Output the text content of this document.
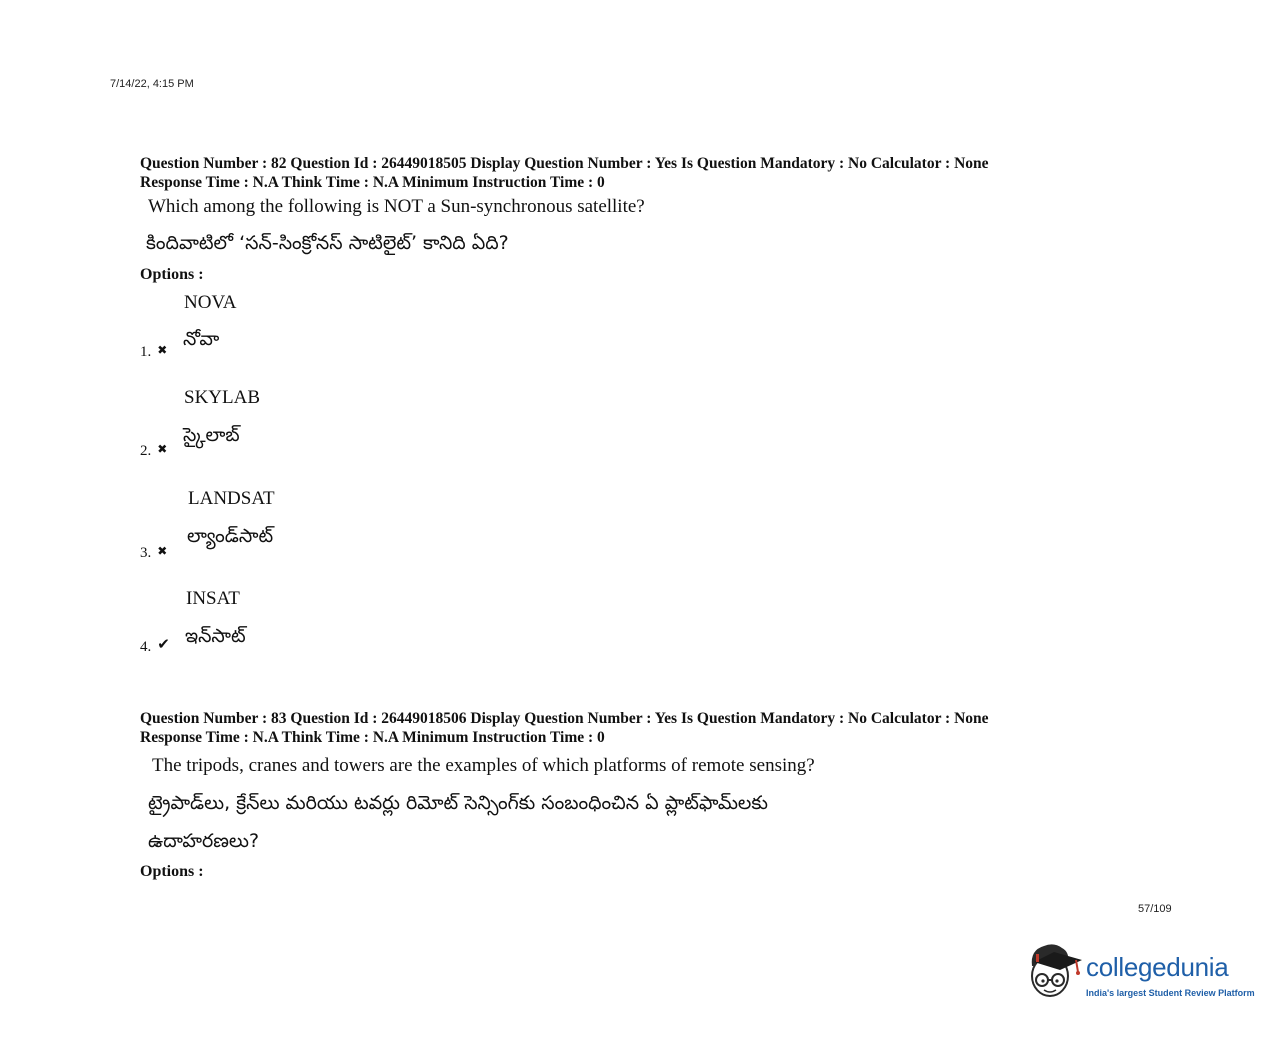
7/14/22, 4:15 PM
Question Number : 82 Question Id : 26449018505 Display Question Number : Yes Is Question Mandatory : No Calculator : None
Response Time : N.A Think Time : N.A Minimum Instruction Time : 0
Which among the following is NOT a Sun-synchronous satellite?
కిందివాటిలో ‘సన్-సింక్రోనస్ సాటిలైట్’ కానిది ఏది?
Options :
NOVA
నోవా
1. ✖
SKYLAB
స్కైలాబ్
2. ✖
LANDSAT
ల్యాండ్‌సాట్
3. ✖
INSAT
ఇన్‌సాట్
4. ✔
Question Number : 83 Question Id : 26449018506 Display Question Number : Yes Is Question Mandatory : No Calculator : None
Response Time : N.A Think Time : N.A Minimum Instruction Time : 0
The tripods, cranes and towers are the examples of which platforms of remote sensing?
ట్రైపాడ్‌లు, క్రేన్‌లు మరియు టవర్లు రిమోట్ సెన్సింగ్‌కు సంబంధించిన ఏ ప్లాట్‌ఫామ్‌లకు
ఉదాహరణలు?
Options :
57/109
collegedunia
India's largest Student Review Platform
